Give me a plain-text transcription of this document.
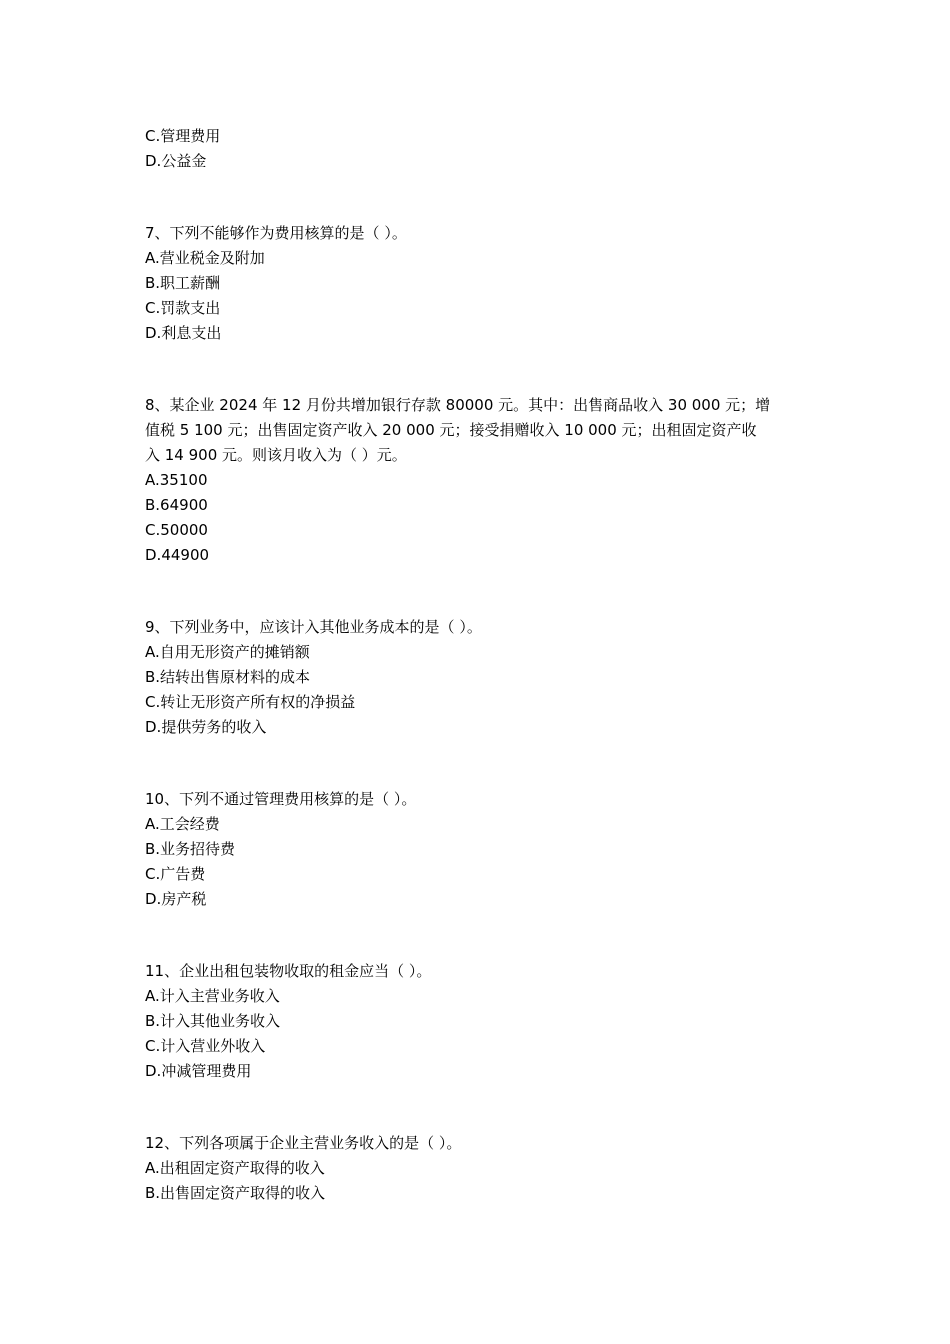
C.管理费用
D.公益金
7、下列不能够作为费用核算的是（ ）。
A.营业税金及附加
B.职工薪酬
C.罚款支出
D.利息支出
8、某企业 2024 年 12 月份共增加银行存款 80000 元。其中：出售商品收入 30 000 元；增
值税 5 100 元；出售固定资产收入 20 000 元；接受捐赠收入 10 000 元；出租固定资产收
入 14 900 元。则该月收入为（ ）元。
A.35100
B.64900
C.50000
D.44900
9、下列业务中，应该计入其他业务成本的是（ ）。
A.自用无形资产的摊销额
B.结转出售原材料的成本
C.转让无形资产所有权的净损益
D.提供劳务的收入
10、下列不通过管理费用核算的是（ ）。
A.工会经费
B.业务招待费
C.广告费
D.房产税
11、企业出租包装物收取的租金应当（ ）。
A.计入主营业务收入
B.计入其他业务收入
C.计入营业外收入
D.冲减管理费用
12、下列各项属于企业主营业务收入的是（ ）。
A.出租固定资产取得的收入
B.出售固定资产取得的收入
